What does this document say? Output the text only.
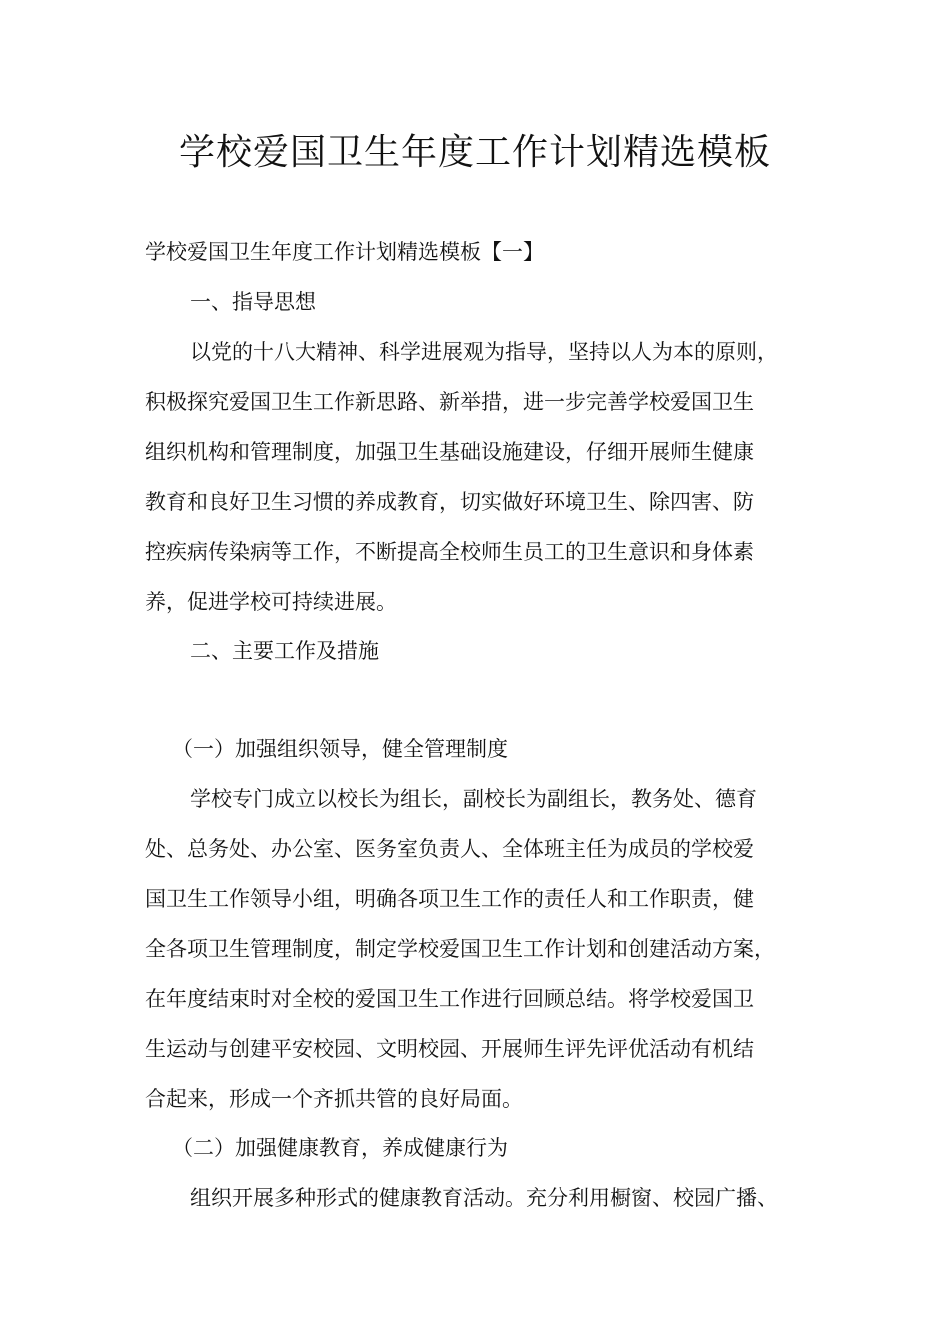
学校爱国卫生年度工作计划精选模板

学校爱国卫生年度工作计划精选模板【一】

一、指导思想

以党的十八大精神、科学进展观为指导，坚持以人为本的原则，

积极探究爱国卫生工作新思路、新举措，进一步完善学校爱国卫生

组织机构和管理制度，加强卫生基础设施建设，仔细开展师生健康

教育和良好卫生习惯的养成教育，切实做好环境卫生、除四害、防

控疾病传染病等工作，不断提高全校师生员工的卫生意识和身体素

养，促进学校可持续进展。

二、主要工作及措施

（一）加强组织领导，健全管理制度

学校专门成立以校长为组长，副校长为副组长，教务处、德育

处、总务处、办公室、医务室负责人、全体班主任为成员的学校爱

国卫生工作领导小组，明确各项卫生工作的责任人和工作职责，健

全各项卫生管理制度，制定学校爱国卫生工作计划和创建活动方案，

在年度结束时对全校的爱国卫生工作进行回顾总结。将学校爱国卫

生运动与创建平安校园、文明校园、开展师生评先评优活动有机结

合起来，形成一个齐抓共管的良好局面。

（二）加强健康教育，养成健康行为

组织开展多种形式的健康教育活动。充分利用橱窗、校园广播、
